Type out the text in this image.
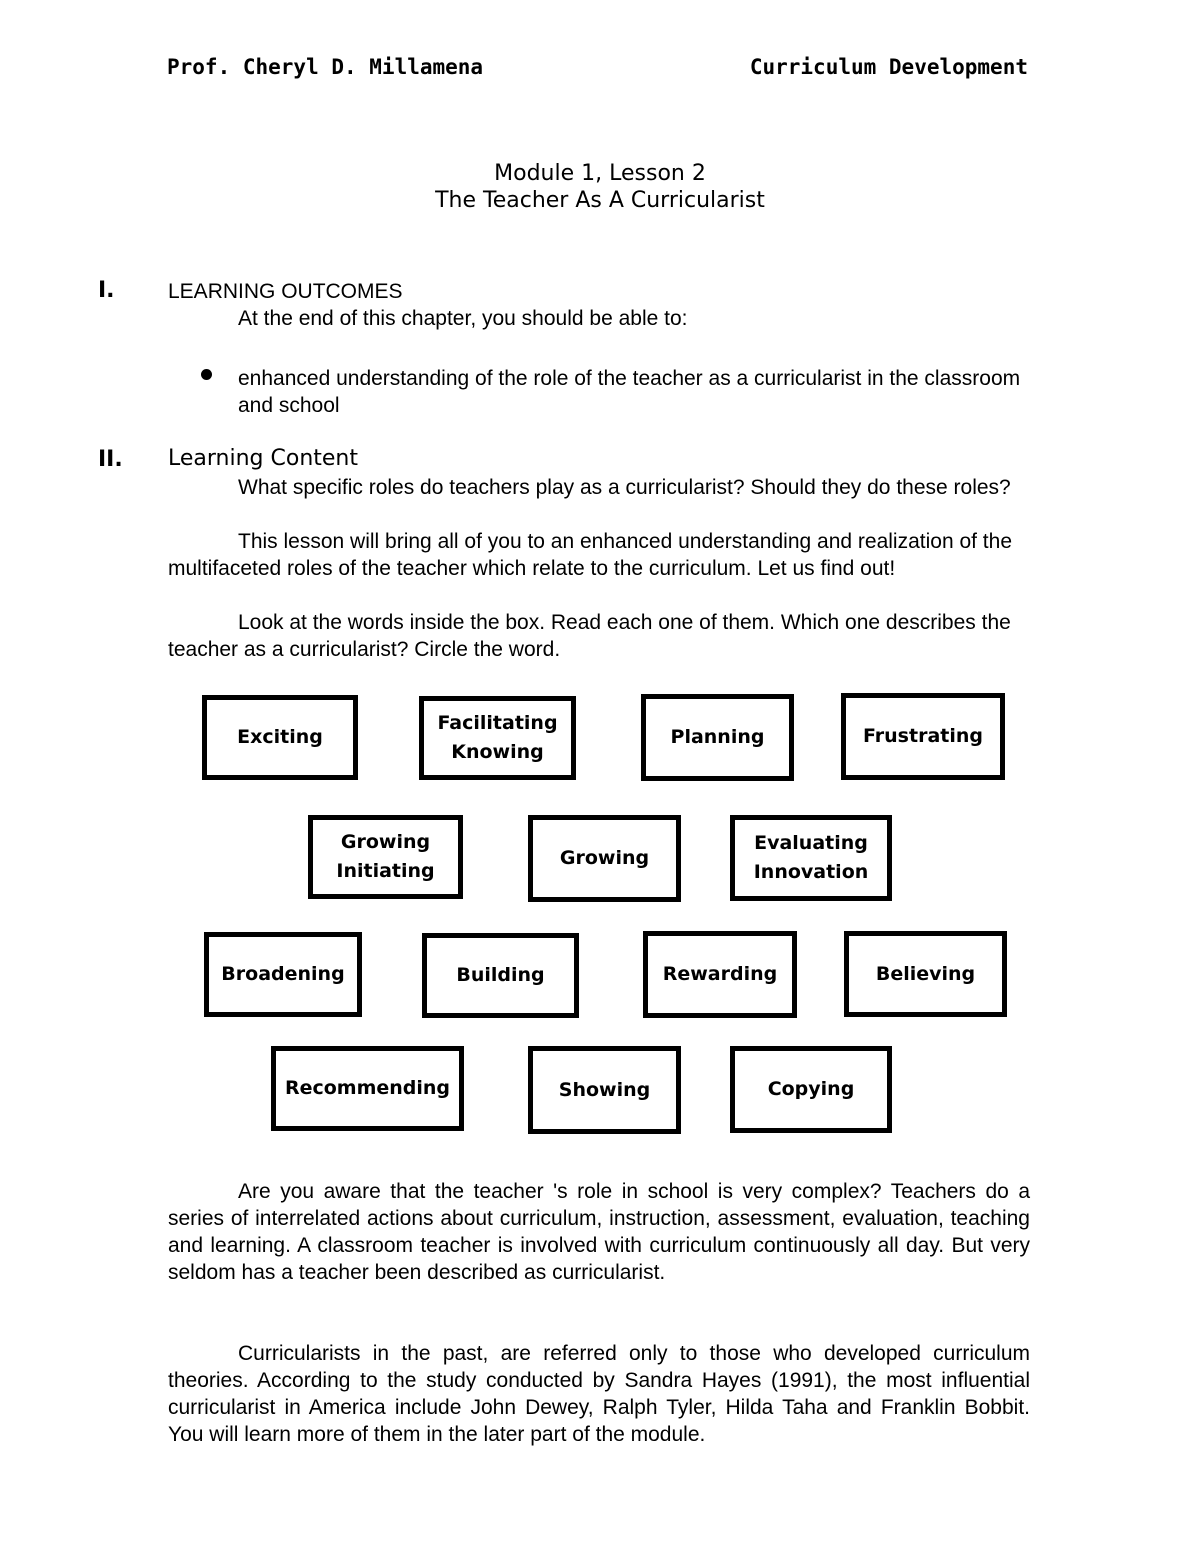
Prof. Cheryl D. Millamena	Curriculum Development
Module 1, Lesson 2
The Teacher As A Curricularist
I.	LEARNING OUTCOMES
At the end of this chapter, you should be able to:
enhanced understanding of the role of the teacher as a curricularist in the classroom and school
II. Learning Content
What specific roles do teachers play as a curricularist? Should they do these roles?
This lesson will bring all of you to an enhanced understanding and realization of the multifaceted roles of the teacher which relate to the curriculum. Let us find out!
Look at the words inside the box. Read each one of them. Which one describes the teacher as a curricularist? Circle the word.
Exciting
Facilitating
Knowing
Planning	Frustrating
Growing
Initiating
Growing
Evaluating
Innovation
Broadening	Building	Rewarding	Believing
Recommending	Showing	Copying
Are you aware that the teacher 's role in school is very complex? Teachers do a series of interrelated actions about curriculum, instruction, assessment, evaluation, teaching and learning. A classroom teacher is involved with curriculum continuously all day. But very seldom has a teacher been described as curricularist.
Curricularists in the past, are referred only to those who developed curriculum theories. According to the study conducted by Sandra Hayes (1991), the most influential curricularist in America include John Dewey, Ralph Tyler, Hilda Taha and Franklin Bobbit. You will learn more of them in the later part of the module.
